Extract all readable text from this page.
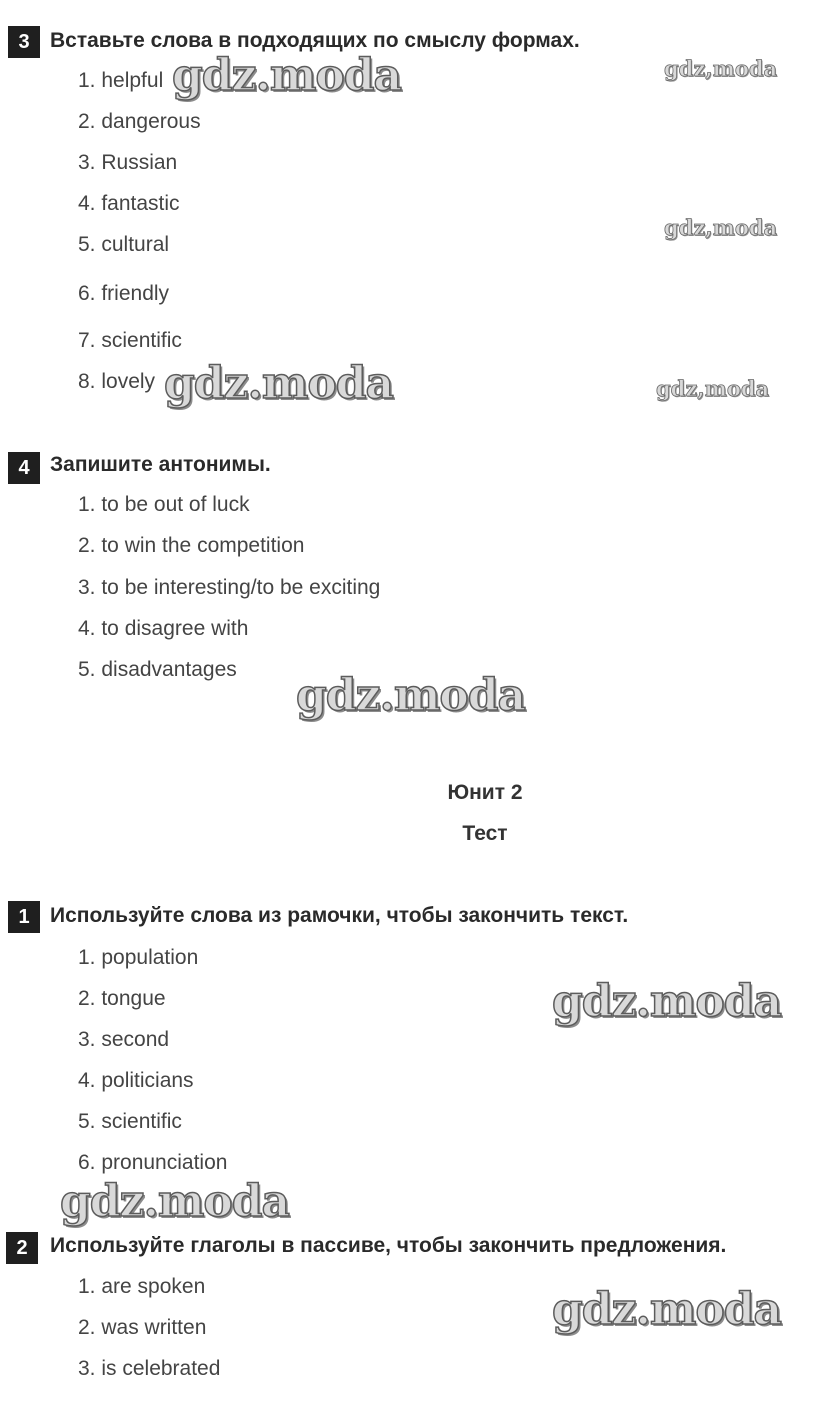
3 Вставьте слова в подходящих по смыслу формах.
1. helpful
2. dangerous
3. Russian
4. fantastic
5. cultural
6. friendly
7. scientific
8. lovely
4 Запишите антонимы.
1. to be out of luck
2. to win the competition
3. to be interesting/to be exciting
4. to disagree with
5. disadvantages
Юнит 2
Тест
1 Используйте слова из рамочки, чтобы закончить текст.
1. population
2. tongue
3. second
4. politicians
5. scientific
6. pronunciation
2	Используйте глаголы в пассиве, чтобы закончить предложения.
1. are spoken
2. was written
3. is celebrated
gdz.moda	gdz,moda
gdz,moda
gdz.moda	gdz,moda
gdz.moda
gdz.moda
gdz.moda
gdz.moda
